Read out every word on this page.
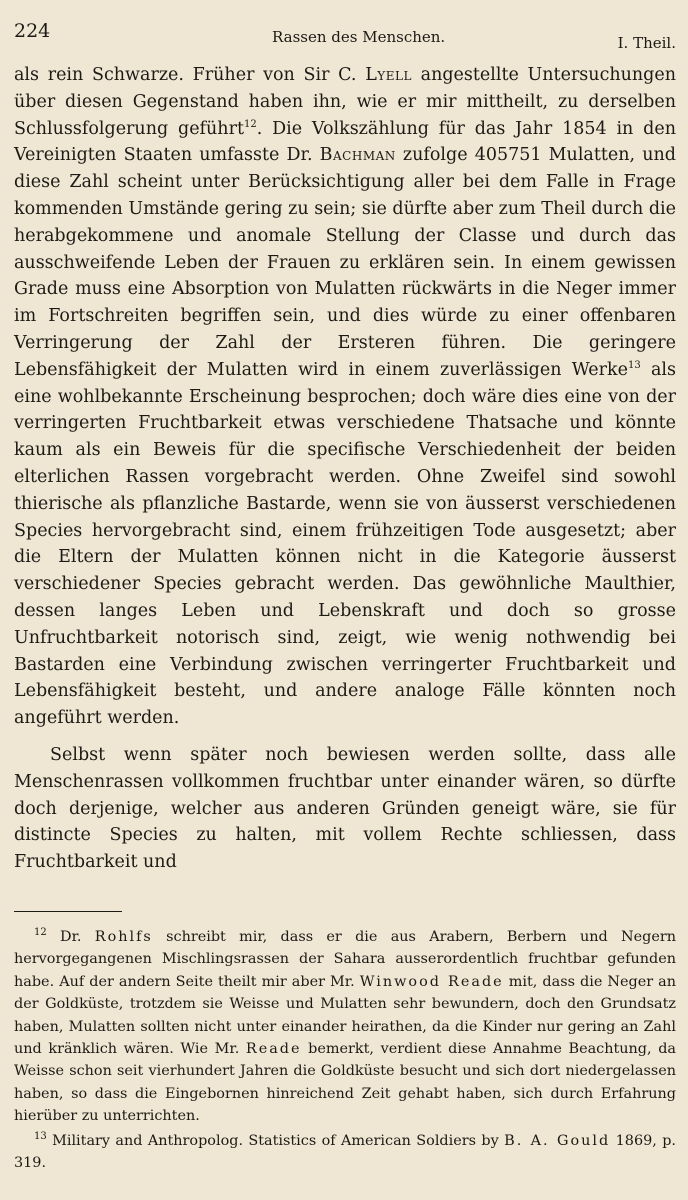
224	Rassen des Menschen.	I. Theil.

als rein Schwarze. Früher von Sir C. Lyell angestellte Untersuchungen über diesen Gegenstand haben ihn, wie er mir mittheilt, zu derselben Schlussfolgerung geführt$^{12}$. Die Volkszählung für das Jahr 1854 in den Vereinigten Staaten umfasste Dr. Bachman zufolge 405751 Mulatten, und diese Zahl scheint unter Berücksichtigung aller bei dem Falle in Frage kommenden Umstände gering zu sein; sie dürfte aber zum Theil durch die herabgekommene und anomale Stellung der Classe und durch das ausschweifende Leben der Frauen zu erklären sein. In einem gewissen Grade muss eine Absorption von Mulatten rückwärts in die Neger immer im Fortschreiten begriffen sein, und dies würde zu einer offenbaren Verringerung der Zahl der Ersteren führen. Die geringere Lebensfähigkeit der Mulatten wird in einem zuverlässigen Werke$^{13}$ als eine wohlbekannte Erscheinung besprochen; doch wäre dies eine von der verringerten Fruchtbarkeit etwas verschiedene Thatsache und könnte kaum als ein Beweis für die specifische Verschiedenheit der beiden elterlichen Rassen vorgebracht werden. Ohne Zweifel sind sowohl thierische als pflanzliche Bastarde, wenn sie von äusserst verschiedenen Species hervorgebracht sind, einem frühzeitigen Tode ausgesetzt; aber die Eltern der Mulatten können nicht in die Kategorie äusserst verschiedener Species gebracht werden. Das gewöhnliche Maulthier, dessen langes Leben und Lebenskraft und doch so grosse Unfruchtbarkeit notorisch sind, zeigt, wie wenig nothwendig bei Bastarden eine Verbindung zwischen verringerter Fruchtbarkeit und Lebensfähigkeit besteht, und andere analoge Fälle könnten noch angeführt werden.

Selbst wenn später noch bewiesen werden sollte, dass alle Menschenrassen vollkommen fruchtbar unter einander wären, so dürfte doch derjenige, welcher aus anderen Gründen geneigt wäre, sie für distincte Species zu halten, mit vollem Rechte schliessen, dass Fruchtbarkeit und

$^{12}$ Dr. Rohlfs schreibt mir, dass er die aus Arabern, Berbern und Negern hervorgegangenen Mischlingsrassen der Sahara ausserordentlich fruchtbar gefunden habe. Auf der andern Seite theilt mir aber Mr. Winwood Reade mit, dass die Neger an der Goldküste, trotzdem sie Weisse und Mulatten sehr bewundern, doch den Grundsatz haben, Mulatten sollten nicht unter einander heirathen, da die Kinder nur gering an Zahl und kränklich wären. Wie Mr. Reade bemerkt, verdient diese Annahme Beachtung, da Weisse schon seit vierhundert Jahren die Goldküste besucht und sich dort niedergelassen haben, so dass die Eingebornen hinreichend Zeit gehabt haben, sich durch Erfahrung hierüber zu unterrichten.

$^{13}$ Military and Anthropolog. Statistics of American Soldiers by B. A. Gould 1869, p. 319.
